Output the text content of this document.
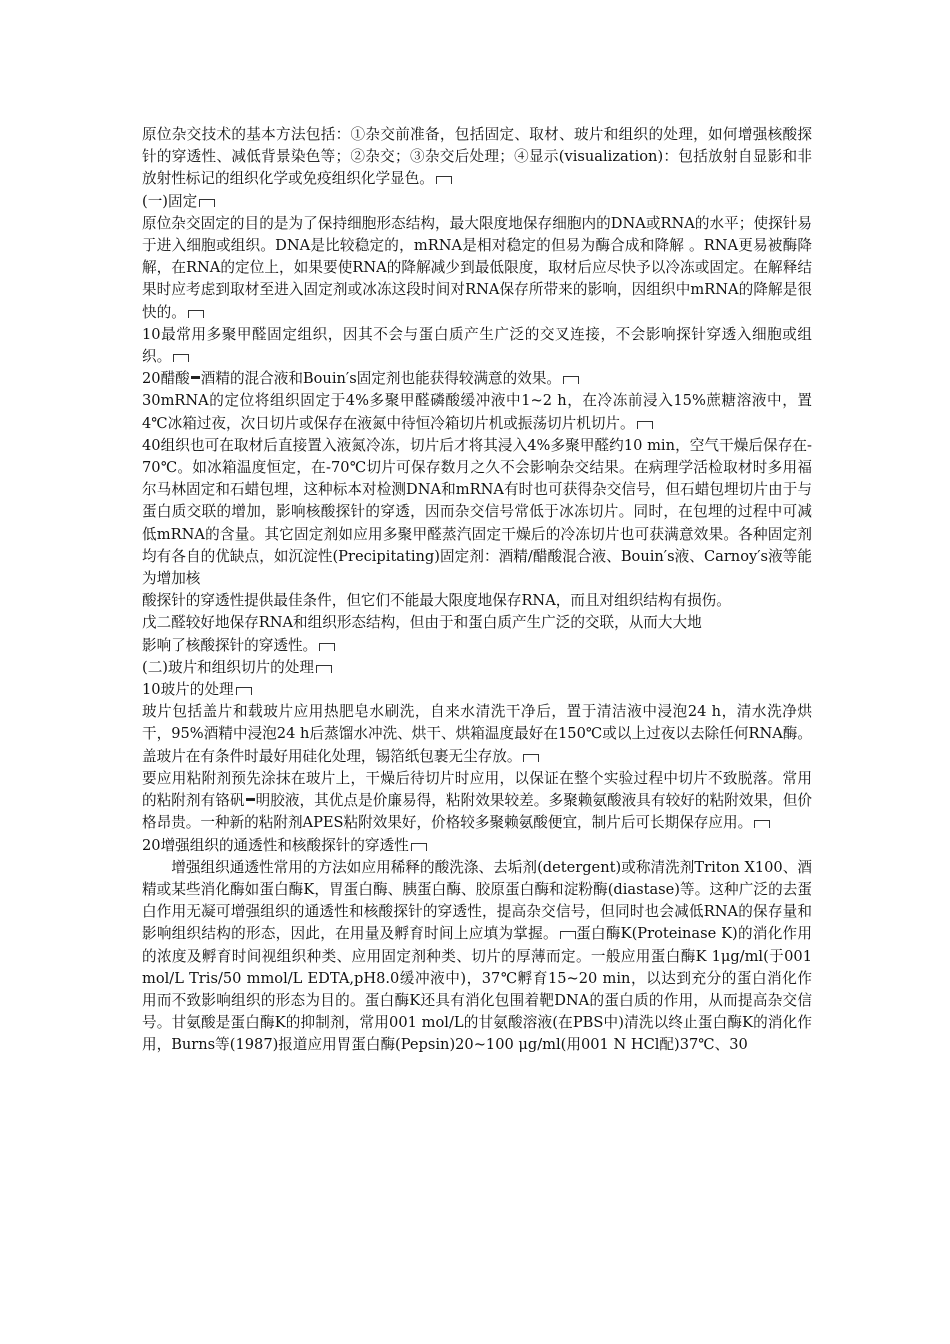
原位杂交技术的基本方法包括：①杂交前准备，包括固定、取材、玻片和组织的处理，如何增强核酸探针的穿透性、减低背景染色等；②杂交；③杂交后处理；④显示(visualization)：包括放射自显影和非放射性标记的组织化学或免疫组织化学显色。

(一)固定

原位杂交固定的目的是为了保持细胞形态结构，最大限度地保存细胞内的DNA或RNA的水平；使探针易于进入细胞或组织。DNA是比较稳定的，mRNA是相对稳定的但易为酶合成和降解 。RNA更易被酶降解，在RNA的定位上，如果要使RNA的降解减少到最低限度，取材后应尽快予以冷冻或固定。在解释结果时应考虑到取材至进入固定剂或冰冻这段时间对RNA保存所带来的影响，因组织中mRNA的降解是很快的。

10最常用多聚甲醛固定组织，因其不会与蛋白质产生广泛的交叉连接，不会影响探针穿透入细胞或组织。

20醋酸 酒精的混合液和Bouin′s固定剂也能获得较满意的效果。

30mRNA的定位将组织固定于4%多聚甲醛磷酸缓冲液中1~2 h，在冷冻前浸入15%蔗糖溶液中，置4℃冰箱过夜，次日切片或保存在液氮中待恒冷箱切片机或振荡切片机切片。

40组织也可在取材后直接置入液氮冷冻，切片后才将其浸入4%多聚甲醛约10 min，空气干燥后保存在-70℃。如冰箱温度恒定，在-70℃切片可保存数月之久不会影响杂交结果。在病理学活检取材时多用福尔马林固定和石蜡包埋，这种标本对检测DNA和mRNA有时也可获得杂交信号，但石蜡包埋切片由于与蛋白质交联的增加，影响核酸探针的穿透，因而杂交信号常低于冰冻切片。同时，在包埋的过程中可减低mRNA的含量。其它固定剂如应用多聚甲醛蒸汽固定干燥后的冷冻切片也可获满意效果。各种固定剂均有各自的优缺点，如沉淀性(Precipitating)固定剂：酒精/醋酸混合液、Bouin′s液、Carnoy′s液等能为增加核

酸探针的穿透性提供最佳条件，但它们不能最大限度地保存RNA，而且对组织结构有损伤。

戊二醛较好地保存RNA和组织形态结构，但由于和蛋白质产生广泛的交联，从而大大地

影响了核酸探针的穿透性。

(二)玻片和组织切片的处理

10玻片的处理

玻片包括盖片和载玻片应用热肥皂水刷洗，自来水清洗干净后，置于清洁液中浸泡24 h，清水洗净烘干，95%酒精中浸泡24 h后蒸馏水冲洗、烘干、烘箱温度最好在150℃或以上过夜以去除任何RNA酶。盖玻片在有条件时最好用硅化处理，锡箔纸包裹无尘存放。

要应用粘附剂预先涂抹在玻片上，干燥后待切片时应用，以保证在整个实验过程中切片不致脱落。常用的粘附剂有铬矾 明胶液，其优点是价廉易得，粘附效果较差。多聚赖氨酸液具有较好的粘附效果，但价格昂贵。一种新的粘附剂APES粘附效果好，价格较多聚赖氨酸便宜，制片后可长期保存应用。

20增强组织的通透性和核酸探针的穿透性

增强组织通透性常用的方法如应用稀释的酸洗涤、去垢剂(detergent)或称清洗剂Triton X100、酒精或某些消化酶如蛋白酶K，胃蛋白酶、胰蛋白酶、胶原蛋白酶和淀粉酶(diastase)等。这种广泛的去蛋白作用无凝可增强组织的通透性和核酸探针的穿透性，提高杂交信号，但同时也会减低RNA的保存量和影响组织结构的形态，因此，在用量及孵育时间上应填为掌握。 蛋白酶K(Proteinase K)的消化作用的浓度及孵育时间视组织种类、应用固定剂种类、切片的厚薄而定。一般应用蛋白酶K 1μg/ml(于001 mol/L Tris/50 mmol/L EDTA,pH8.0缓冲液中)，37℃孵育15~20 min，以达到充分的蛋白消化作用而不致影响组织的形态为目的。蛋白酶K还具有消化包围着靶DNA的蛋白质的作用，从而提高杂交信号。甘氨酸是蛋白酶K的抑制剂，常用001 mol/L的甘氨酸溶液(在PBS中)清洗以终止蛋白酶K的消化作用，Burns等(1987)报道应用胃蛋白酶(Pepsin)20~100 μg/ml(用001 N HCl配)37℃、30
